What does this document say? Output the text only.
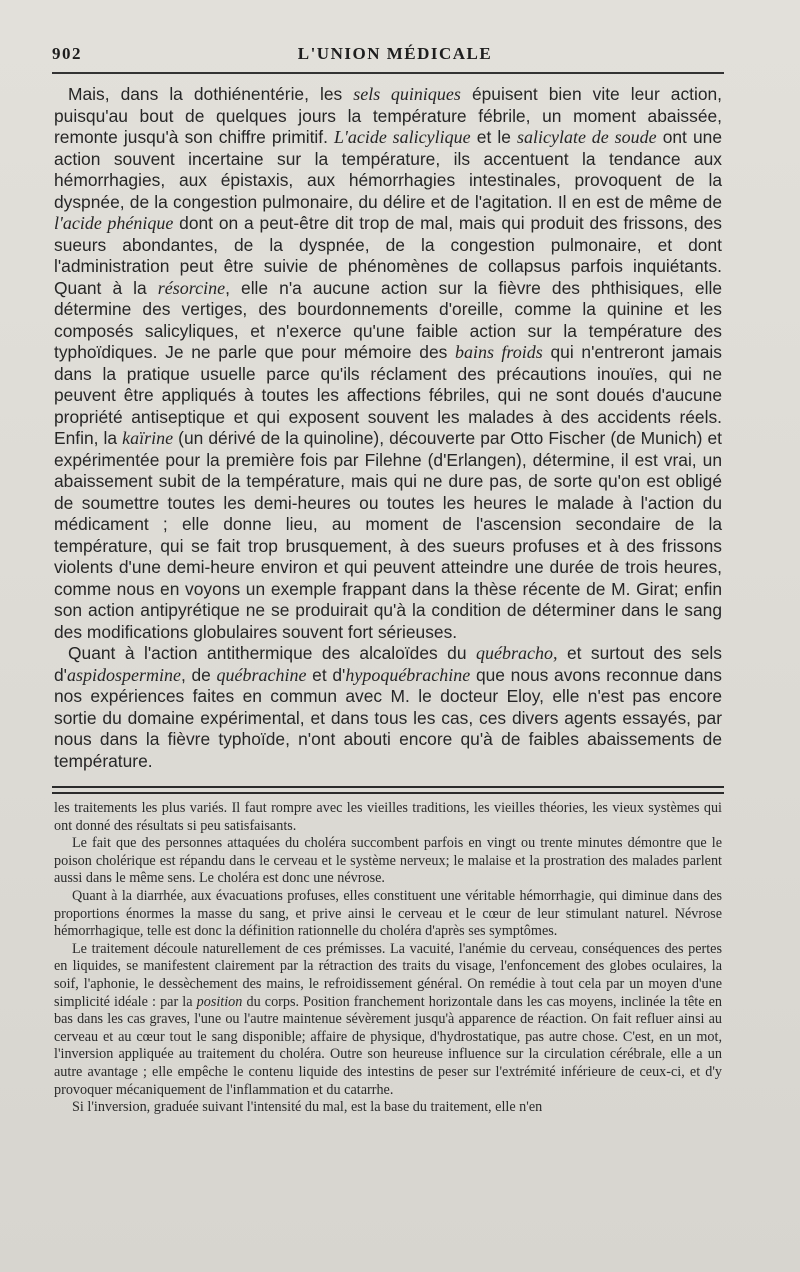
902	L'UNION MÉDICALE

Mais, dans la dothiénentérie, les sels quiniques épuisent bien vite leur action, puisqu'au bout de quelques jours la température fébrile, un moment abaissée, remonte jusqu'à son chiffre primitif. L'acide salicylique et le salicylate de soude ont une action souvent incertaine sur la température, ils accentuent la tendance aux hémorrhagies, aux épistaxis, aux hémorrhagies intestinales, provoquent de la dyspnée, de la congestion pulmonaire, du délire et de l'agitation. Il en est de même de l'acide phénique dont on a peut-être dit trop de mal, mais qui produit des frissons, des sueurs abondantes, de la dyspnée, de la congestion pulmonaire, et dont l'administration peut être suivie de phénomènes de collapsus parfois inquiétants. Quant à la résorcine, elle n'a aucune action sur la fièvre des phthisiques, elle détermine des vertiges, des bourdonnements d'oreille, comme la quinine et les composés salicyliques, et n'exerce qu'une faible action sur la température des typhoïdiques. Je ne parle que pour mémoire des bains froids qui n'entreront jamais dans la pratique usuelle parce qu'ils réclament des précautions inouïes, qui ne peuvent être appliqués à toutes les affections fébriles, qui ne sont doués d'aucune propriété antiseptique et qui exposent souvent les malades à des accidents réels. Enfin, la kaïrine (un dérivé de la quinoline), découverte par Otto Fischer (de Munich) et expérimentée pour la première fois par Filehne (d'Erlangen), détermine, il est vrai, un abaissement subit de la température, mais qui ne dure pas, de sorte qu'on est obligé de soumettre toutes les demi-heures ou toutes les heures le malade à l'action du médicament ; elle donne lieu, au moment de l'ascension secondaire de la température, qui se fait trop brusquement, à des sueurs profuses et à des frissons violents d'une demi-heure environ et qui peuvent atteindre une durée de trois heures, comme nous en voyons un exemple frappant dans la thèse récente de M. Girat; enfin son action antipyrétique ne se produirait qu'à la condition de déterminer dans le sang des modifications globulaires souvent fort sérieuses.

Quant à l'action antithermique des alcaloïdes du québracho, et surtout des sels d'aspidospermine, de québrachine et d'hypoquébrachine que nous avons reconnue dans nos expériences faites en commun avec M. le docteur Eloy, elle n'est pas encore sortie du domaine expérimental, et dans tous les cas, ces divers agents essayés, par nous dans la fièvre typhoïde, n'ont abouti encore qu'à de faibles abaissements de température.

les traitements les plus variés. Il faut rompre avec les vieilles traditions, les vieilles théories, les vieux systèmes qui ont donné des résultats si peu satisfaisants.

Le fait que des personnes attaquées du choléra succombent parfois en vingt ou trente minutes démontre que le poison cholérique est répandu dans le cerveau et le système nerveux; le malaise et la prostration des malades parlent aussi dans le même sens. Le choléra est donc une névrose.

Quant à la diarrhée, aux évacuations profuses, elles constituent une véritable hémorrhagie, qui diminue dans des proportions énormes la masse du sang, et prive ainsi le cerveau et le cœur de leur stimulant naturel. Névrose hémorrhagique, telle est donc la définition rationnelle du choléra d'après ses symptômes.

Le traitement découle naturellement de ces prémisses. La vacuité, l'anémie du cerveau, conséquences des pertes en liquides, se manifestent clairement par la rétraction des traits du visage, l'enfoncement des globes oculaires, la soif, l'aphonie, le dessèchement des mains, le refroidissement général. On remédie à tout cela par un moyen d'une simplicité idéale : par la position du corps. Position franchement horizontale dans les cas moyens, inclinée la tête en bas dans les cas graves, l'une ou l'autre maintenue sévèrement jusqu'à apparence de réaction. On fait refluer ainsi au cerveau et au cœur tout le sang disponible; affaire de physique, d'hydrostatique, pas autre chose. C'est, en un mot, l'inversion appliquée au traitement du choléra. Outre son heureuse influence sur la circulation cérébrale, elle a un autre avantage ; elle empêche le contenu liquide des intestins de peser sur l'extrémité inférieure de ceux-ci, et d'y provoquer mécaniquement de l'inflammation et du catarrhe.

Si l'inversion, graduée suivant l'intensité du mal, est la base du traitement, elle n'en
